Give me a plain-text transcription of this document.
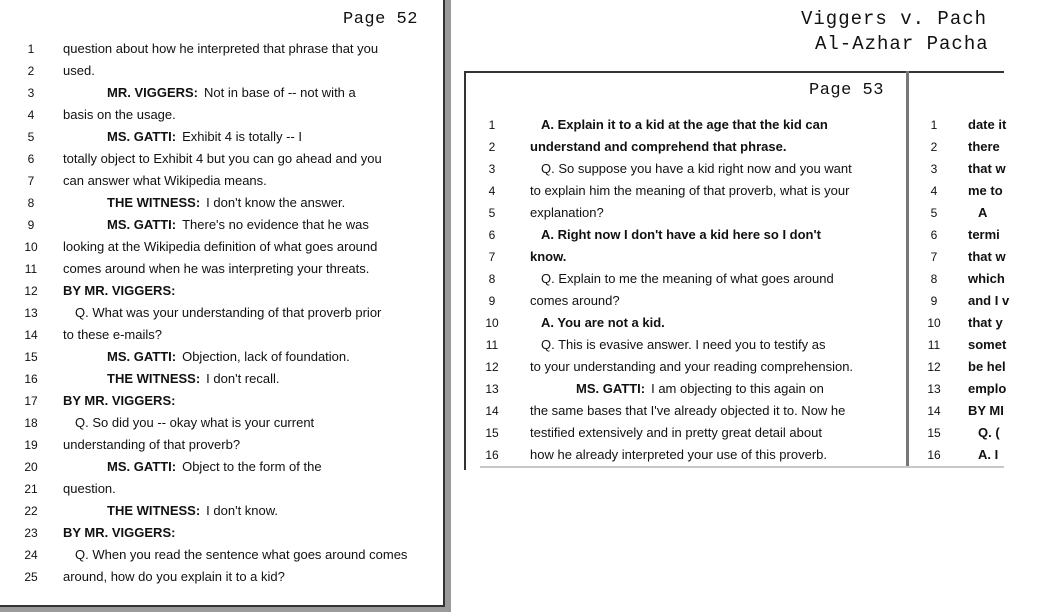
Page 52
1	question about how he interpreted that phrase that you
2	used.
3	MR. VIGGERS: Not in base of -- not with a
4	basis on the usage.
5	MS. GATTI: Exhibit 4 is totally -- I
6	totally object to Exhibit 4 but you can go ahead and you
7	can answer what Wikipedia means.
8	THE WITNESS: I don't know the answer.
9	MS. GATTI: There's no evidence that he was
10	looking at the Wikipedia definition of what goes around
11	comes around when he was interpreting your threats.
12	BY MR. VIGGERS:
13	Q. What was your understanding of that proverb prior
14	to these e-mails?
15	MS. GATTI: Objection, lack of foundation.
16	THE WITNESS: I don't recall.
17	BY MR. VIGGERS:
18	Q. So did you -- okay what is your current
19	understanding of that proverb?
20	MS. GATTI: Object to the form of the
21	question.
22	THE WITNESS: I don't know.
23	BY MR. VIGGERS:
24	Q. When you read the sentence what goes around comes
25	around, how do you explain it to a kid?
Viggers v. Pach
Al-Azhar Pacha
Page 53
1	A. Explain it to a kid at the age that the kid can
2	understand and comprehend that phrase.
3	Q. So suppose you have a kid right now and you want
4	to explain him the meaning of that proverb, what is your
5	explanation?
6	A. Right now I don't have a kid here so I don't
7	know.
8	Q. Explain to me the meaning of what goes around
9	comes around?
10	A. You are not a kid.
11	Q. This is evasive answer. I need you to testify as
12	to your understanding and your reading comprehension.
13	MS. GATTI: I am objecting to this again on
14	the same bases that I've already objected it to. Now he
15	testified extensively and in pretty great detail about
16	how he already interpreted your use of this proverb.
1	date it
2	there
3	that w
4	me to
5	A
6	termi
7	that w
8	which
9	and I v
10	that y
11	somet
12	be hel
13	emplo
14	BY MI
15	Q. (
16	A. I
